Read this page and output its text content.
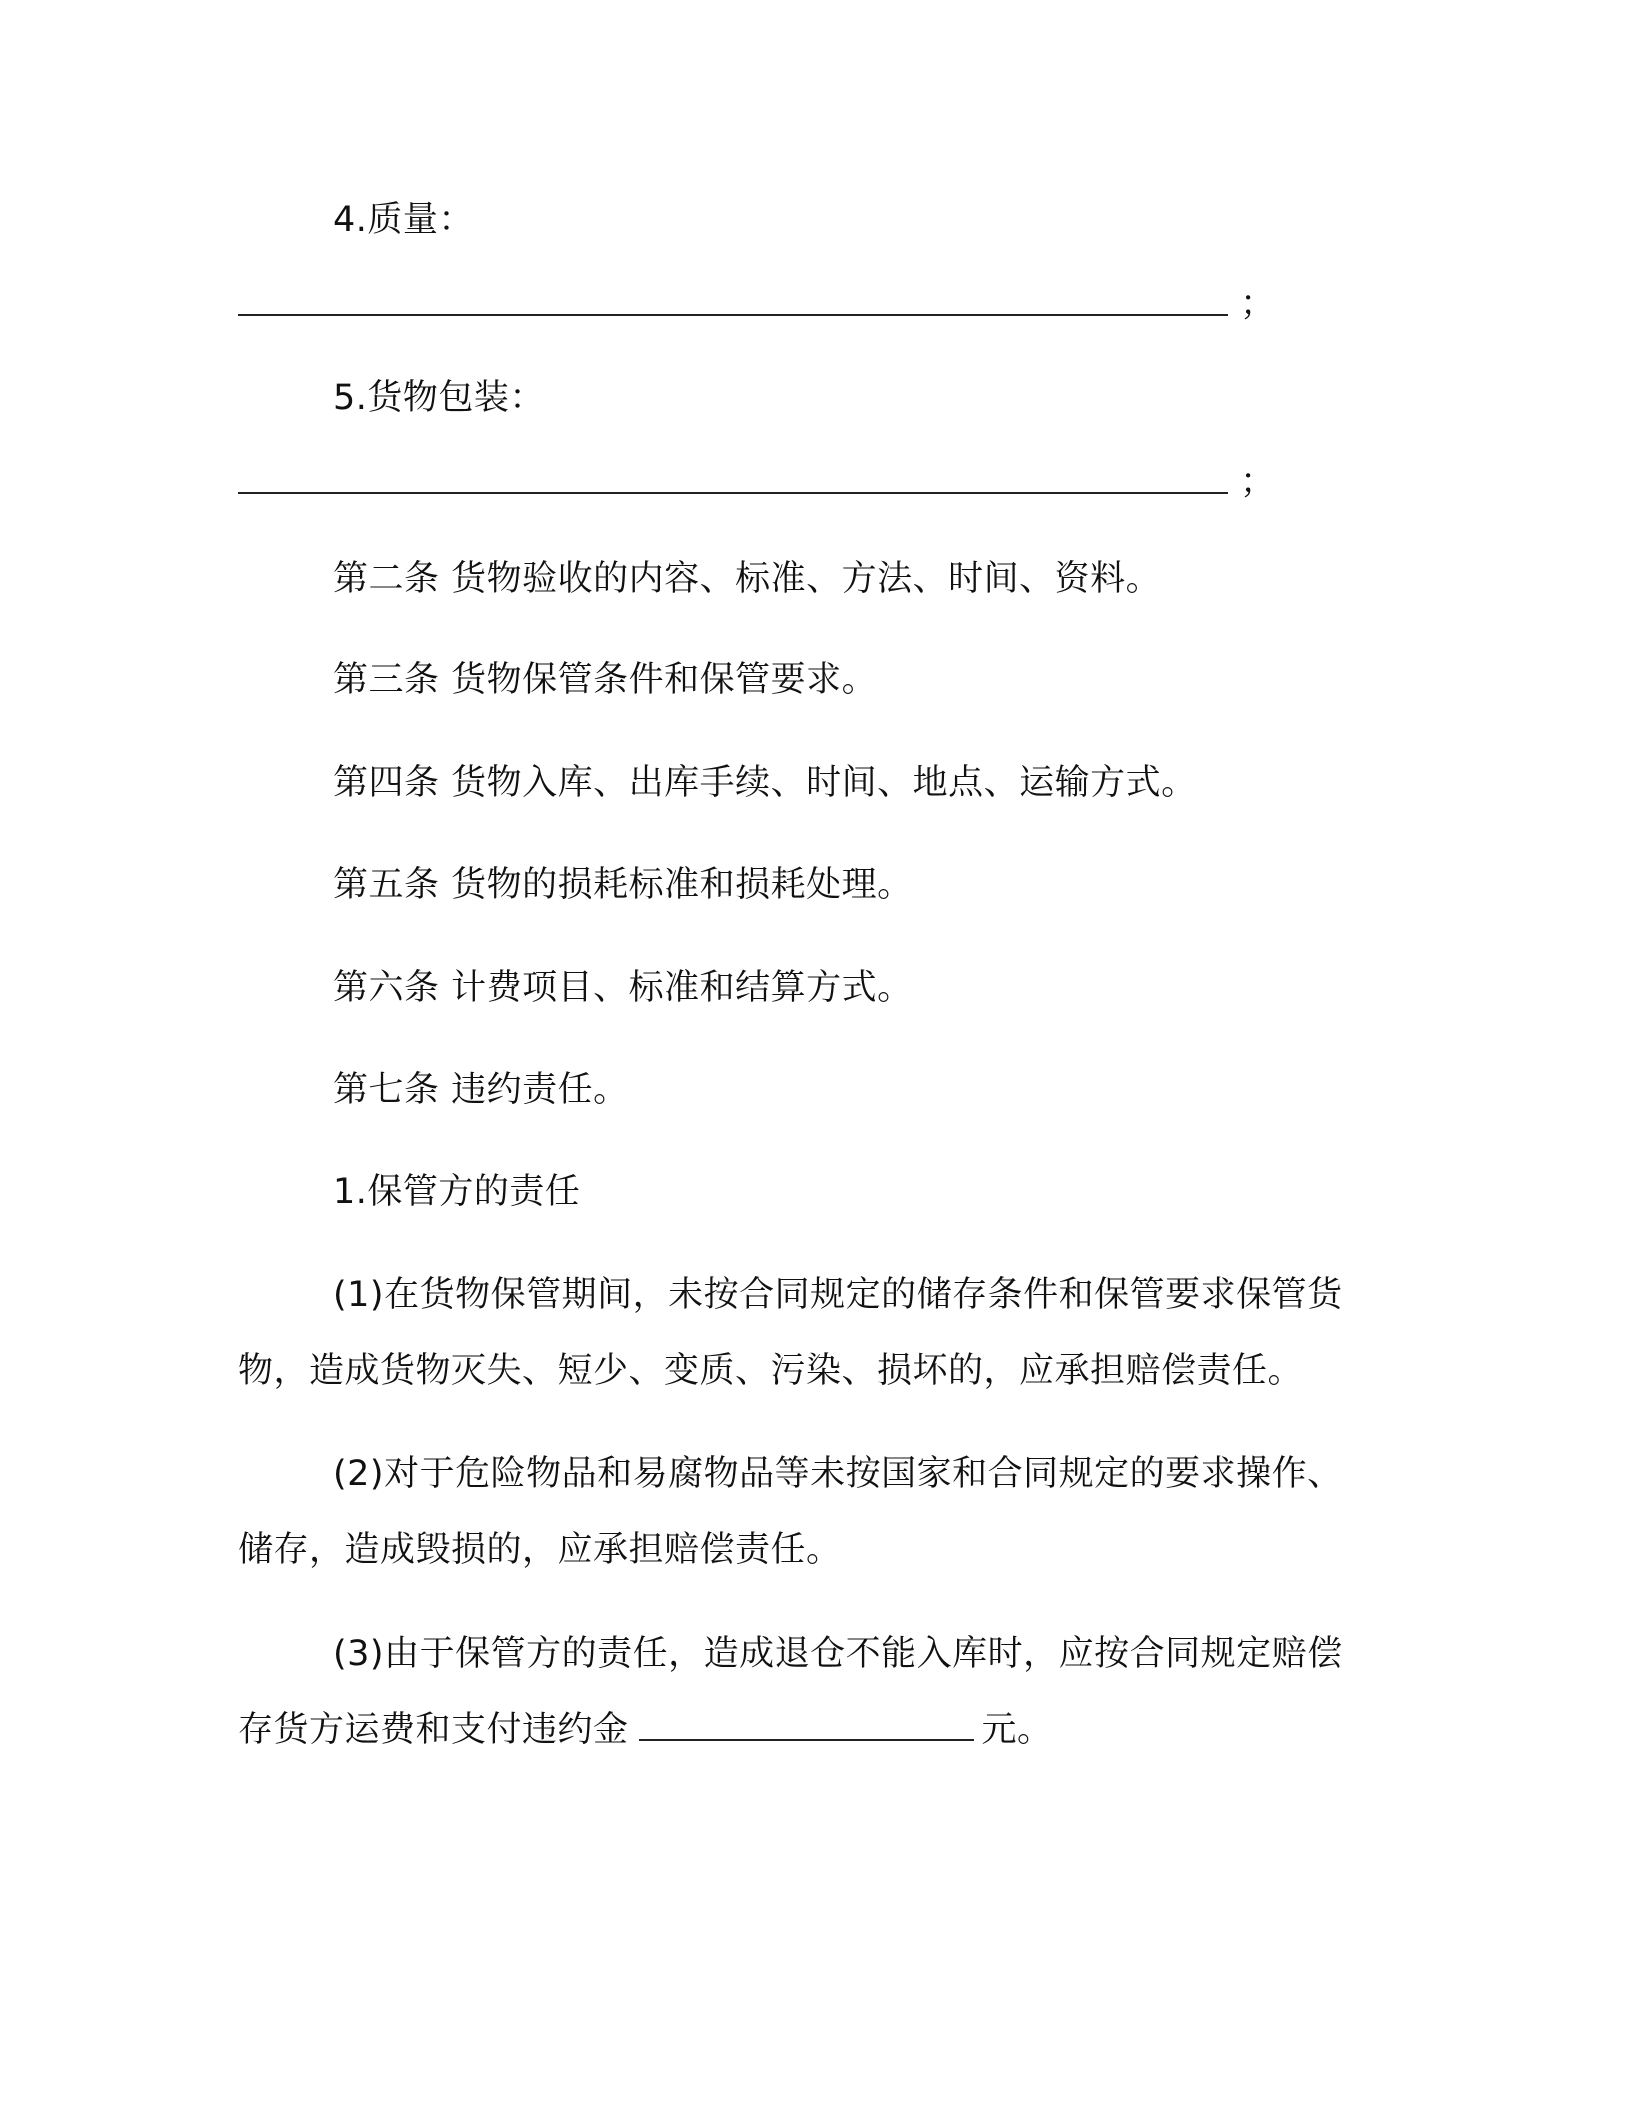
4.质量：
；
5.货物包装：
；
第二条 货物验收的内容、标准、方法、时间、资料。
第三条 货物保管条件和保管要求。
第四条 货物入库、出库手续、时间、地点、运输方式。
第五条 货物的损耗标准和损耗处理。
第六条 计费项目、标准和结算方式。
第七条 违约责任。
1.保管方的责任
(1)在货物保管期间，未按合同规定的储存条件和保管要求保管货
物，造成货物灭失、短少、变质、污染、损坏的，应承担赔偿责任。
(2)对于危险物品和易腐物品等未按国家和合同规定的要求操作、
储存，造成毁损的，应承担赔偿责任。
(3)由于保管方的责任，造成退仓不能入库时，应按合同规定赔偿
存货方运费和支付违约金	元。
